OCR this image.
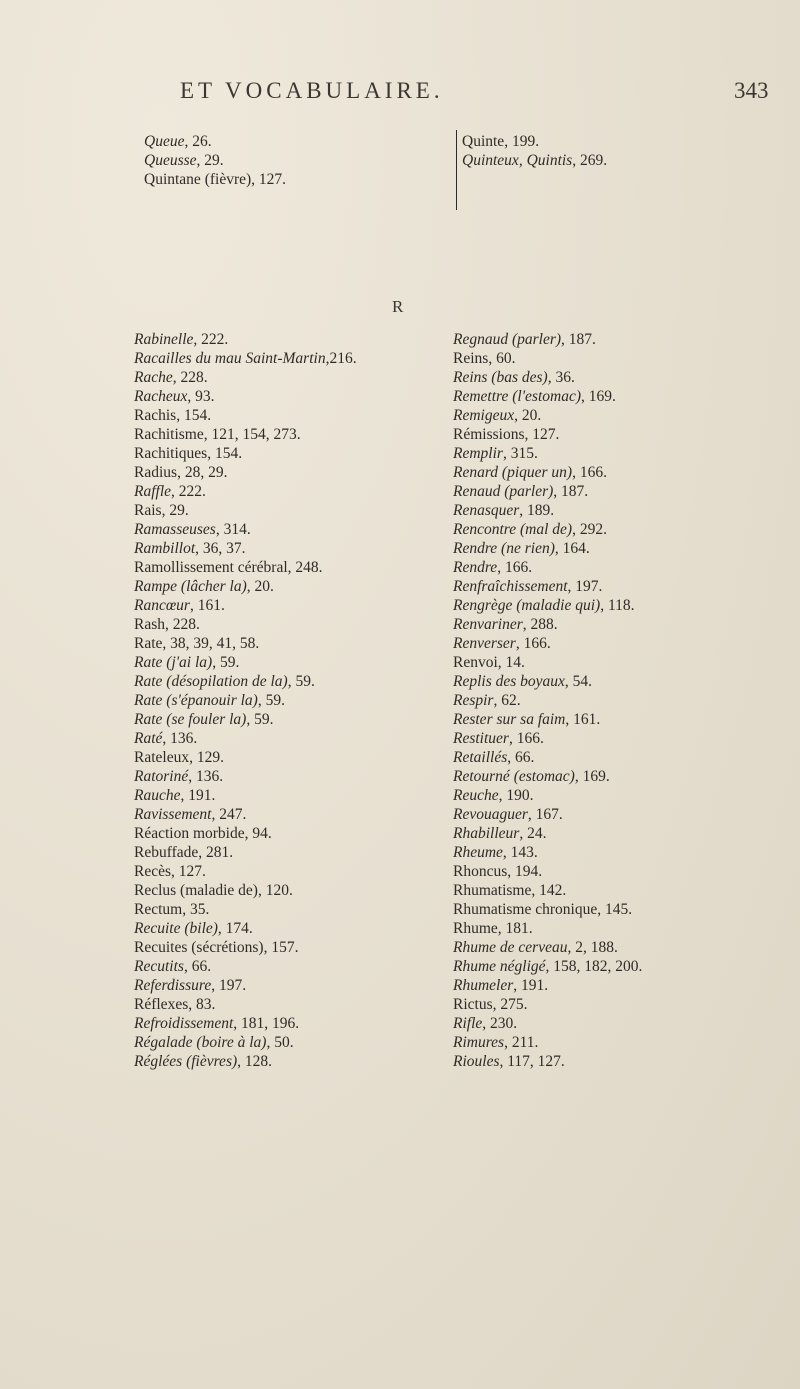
ET VOCABULAIRE.	343
Queue, 26.
Queusse, 29.
Quintane (fièvre), 127.
Quinte, 199.
Quinteux, Quintis, 269.
R
Rabinelle, 222.
Racailles du mau Saint-Martin,216.
Rache, 228.
Racheux, 93.
Rachis, 154.
Rachitisme, 121, 154, 273.
Rachitiques, 154.
Radius, 28, 29.
Raffle, 222.
Rais, 29.
Ramasseuses, 314.
Rambillot, 36, 37.
Ramollissement cérébral, 248.
Rampe (lâcher la), 20.
Rancœur, 161.
Rash, 228.
Rate, 38, 39, 41, 58.
Rate (j'ai la), 59.
Rate (désopilation de la), 59.
Rate (s'épanouir la), 59.
Rate (se fouler la), 59.
Raté, 136.
Rateleux, 129.
Ratoriné, 136.
Rauche, 191.
Ravissement, 247.
Réaction morbide, 94.
Rebuffade, 281.
Recès, 127.
Reclus (maladie de), 120.
Rectum, 35.
Recuite (bile), 174.
Recuites (sécrétions), 157.
Recutits, 66.
Referdissure, 197.
Réflexes, 83.
Refroidissement, 181, 196.
Régalade (boire à la), 50.
Réglées (fièvres), 128.
Regnaud (parler), 187.
Reins, 60.
Reins (bas des), 36.
Remettre (l'estomac), 169.
Remigeux, 20.
Rémissions, 127.
Remplir, 315.
Renard (piquer un), 166.
Renaud (parler), 187.
Renasquer, 189.
Rencontre (mal de), 292.
Rendre (ne rien), 164.
Rendre, 166.
Renfraîchissement, 197.
Rengrège (maladie qui), 118.
Renvariner, 288.
Renverser, 166.
Renvoi, 14.
Replis des boyaux, 54.
Respir, 62.
Rester sur sa faim, 161.
Restituer, 166.
Retaillés, 66.
Retourné (estomac), 169.
Reuche, 190.
Revouaguer, 167.
Rhabilleur, 24.
Rheume, 143.
Rhoncus, 194.
Rhumatisme, 142.
Rhumatisme chronique, 145.
Rhume, 181.
Rhume de cerveau, 2, 188.
Rhume négligé, 158, 182, 200.
Rhumeler, 191.
Rictus, 275.
Rifle, 230.
Rimures, 211.
Rioules, 117, 127.
